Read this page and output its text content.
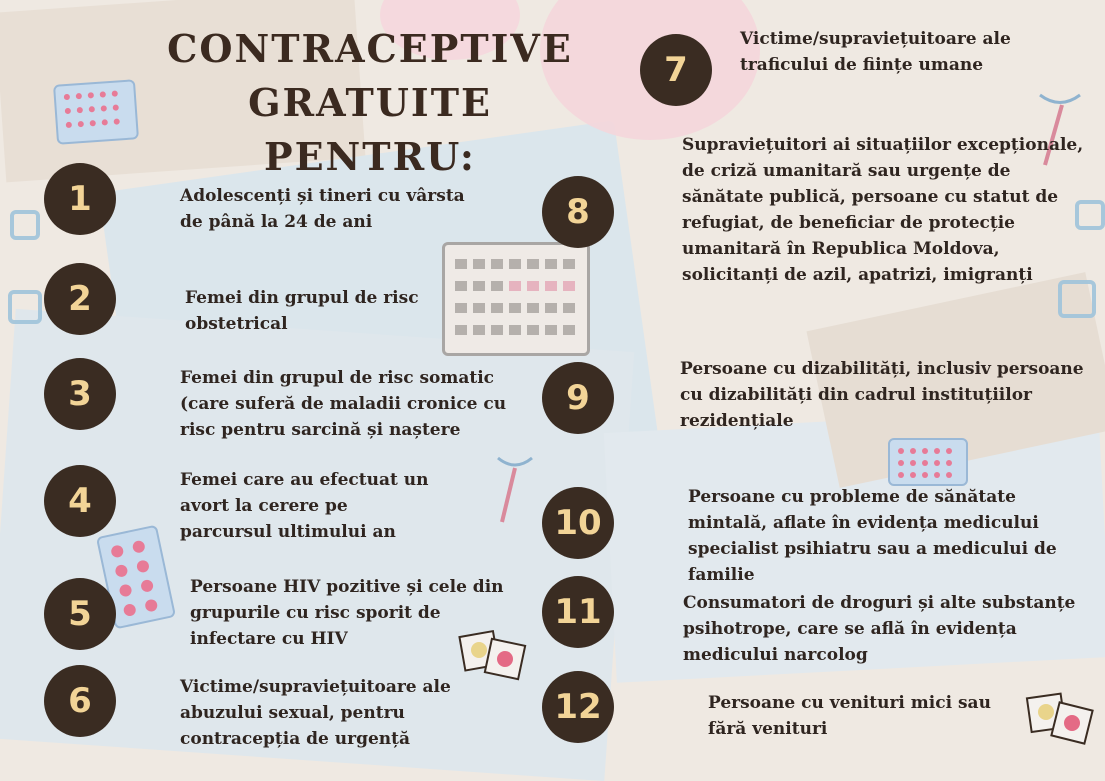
CONTRACEPTIVE
GRATUITE PENTRU:
1	Adolescenți și tineri cu vârsta de până la 24 de ani
2	Femei din grupul de risc obstetrical
3	Femei din grupul de risc somatic (care suferă de maladii cronice cu risc pentru sarcină și naștere
4
Femei care au efectuat un avort la cerere pe parcursul ultimului an
5
Persoane HIV pozitive și cele din grupurile cu risc sporit de infectare cu HIV
6	Victime/supraviețuitoare ale abuzului sexual, pentru contracepția de urgență
7
Victime/supraviețuitoare ale traficului de ființe umane
8
Supraviețuitori ai situațiilor excepționale, de criză umanitară sau urgențe de sănătate publică, persoane cu statut de refugiat, de beneficiar de protecție umanitară în Republica Moldova, solicitanți de azil, apatrizi, imigranți
9
Persoane cu dizabilități, inclusiv persoane cu dizabilități din cadrul instituțiilor rezidențiale
10
Persoane cu probleme de sănătate mintală, aflate în evidența medicului specialist psihiatru sau a medicului de familie
11	Consumatori de droguri și alte substanțe psihotrope, care se află în evidența medicului narcolog
12	Persoane cu venituri mici sau fără venituri
